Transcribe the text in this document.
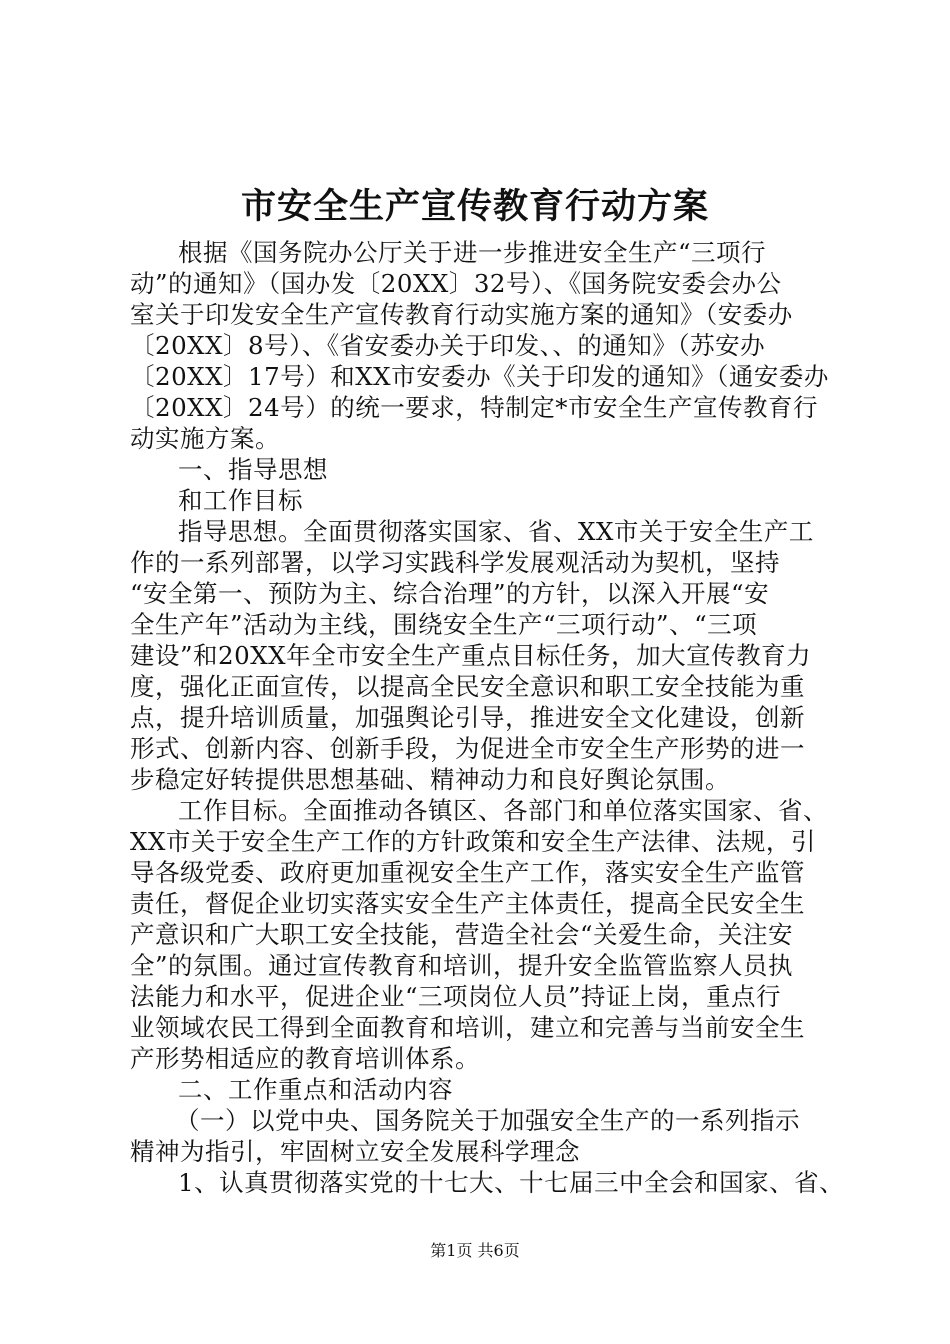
市安全生产宣传教育行动方案
根据《国务院办公厅关于进一步推进安全生产“三项行
动”的通知》（国办发〔20XX〕32号）、《国务院安委会办公
室关于印发安全生产宣传教育行动实施方案的通知》（安委办
〔20XX〕8号）、《省安委办关于印发、、的通知》（苏安办
〔20XX〕17号）和XX市安委办《关于印发的通知》（通安委办
〔20XX〕24号）的统一要求，特制定*市安全生产宣传教育行
动实施方案。
一、指导思想
和工作目标
指导思想。全面贯彻落实国家、省、XX市关于安全生产工
作的一系列部署，以学习实践科学发展观活动为契机，坚持
“安全第一、预防为主、综合治理”的方针，以深入开展“安
全生产年”活动为主线，围绕安全生产“三项行动”、“三项
建设”和20XX年全市安全生产重点目标任务，加大宣传教育力
度，强化正面宣传，以提高全民安全意识和职工安全技能为重
点，提升培训质量，加强舆论引导，推进安全文化建设，创新
形式、创新内容、创新手段，为促进全市安全生产形势的进一
步稳定好转提供思想基础、精神动力和良好舆论氛围。
工作目标。全面推动各镇区、各部门和单位落实国家、省、
XX市关于安全生产工作的方针政策和安全生产法律、法规，引
导各级党委、政府更加重视安全生产工作，落实安全生产监管
责任，督促企业切实落实安全生产主体责任，提高全民安全生
产意识和广大职工安全技能，营造全社会“关爱生命，关注安
全”的氛围。通过宣传教育和培训，提升安全监管监察人员执
法能力和水平，促进企业“三项岗位人员”持证上岗，重点行
业领域农民工得到全面教育和培训，建立和完善与当前安全生
产形势相适应的教育培训体系。
二、工作重点和活动内容
（一）以党中央、国务院关于加强安全生产的一系列指示
精神为指引，牢固树立安全发展科学理念
1、认真贯彻落实党的十七大、十七届三中全会和国家、省、
第1页 共6页
